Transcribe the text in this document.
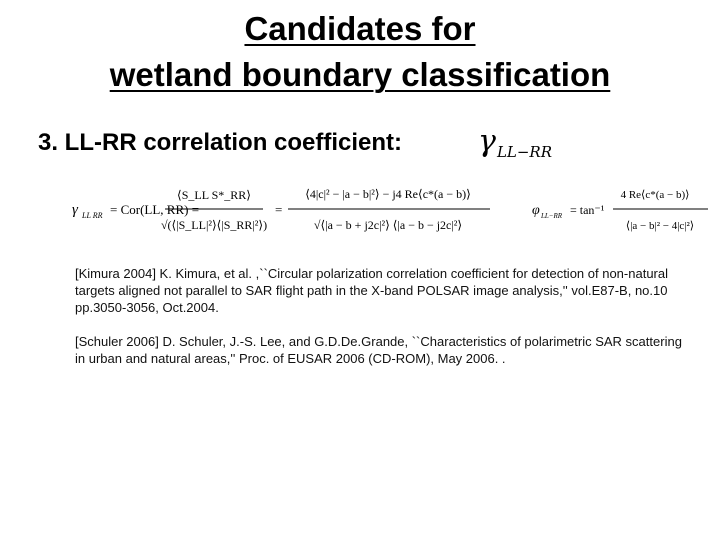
Candidates for
wetland boundary classification
3. LL-RR correlation coefficient:	$\gamma_{LL-RR}$
γ LL RR = Cor(LL, RR) =
⟨S_LL S*_RR⟩
√(⟨|S_LL|²⟩⟨|S_RR|²⟩)
=
⟨4|c|² − |a − b|²⟩ − j4 Re⟨c*(a − b)⟩
√⟨|a − b + j2c|²⟩ ⟨|a − b − j2c|²⟩
φ LL−RR = tan⁻¹
4 Re⟨c*(a − b)⟩
⟨|a − b|² − 4|c|²⟩
[Kimura 2004] K. Kimura, et al. ,``Circular polarization correlation coefficient for detection of non-natural targets aligned not parallel to SAR flight path in the X-band POLSAR image analysis,'' vol.E87-B, no.10 pp.3050-3056, Oct.2004.
[Schuler 2006] D. Schuler, J.-S. Lee, and G.D.De.Grande, ``Characteristics of polarimetric SAR scattering in urban and natural areas,'' Proc. of EUSAR 2006 (CD-ROM), May 2006. .
